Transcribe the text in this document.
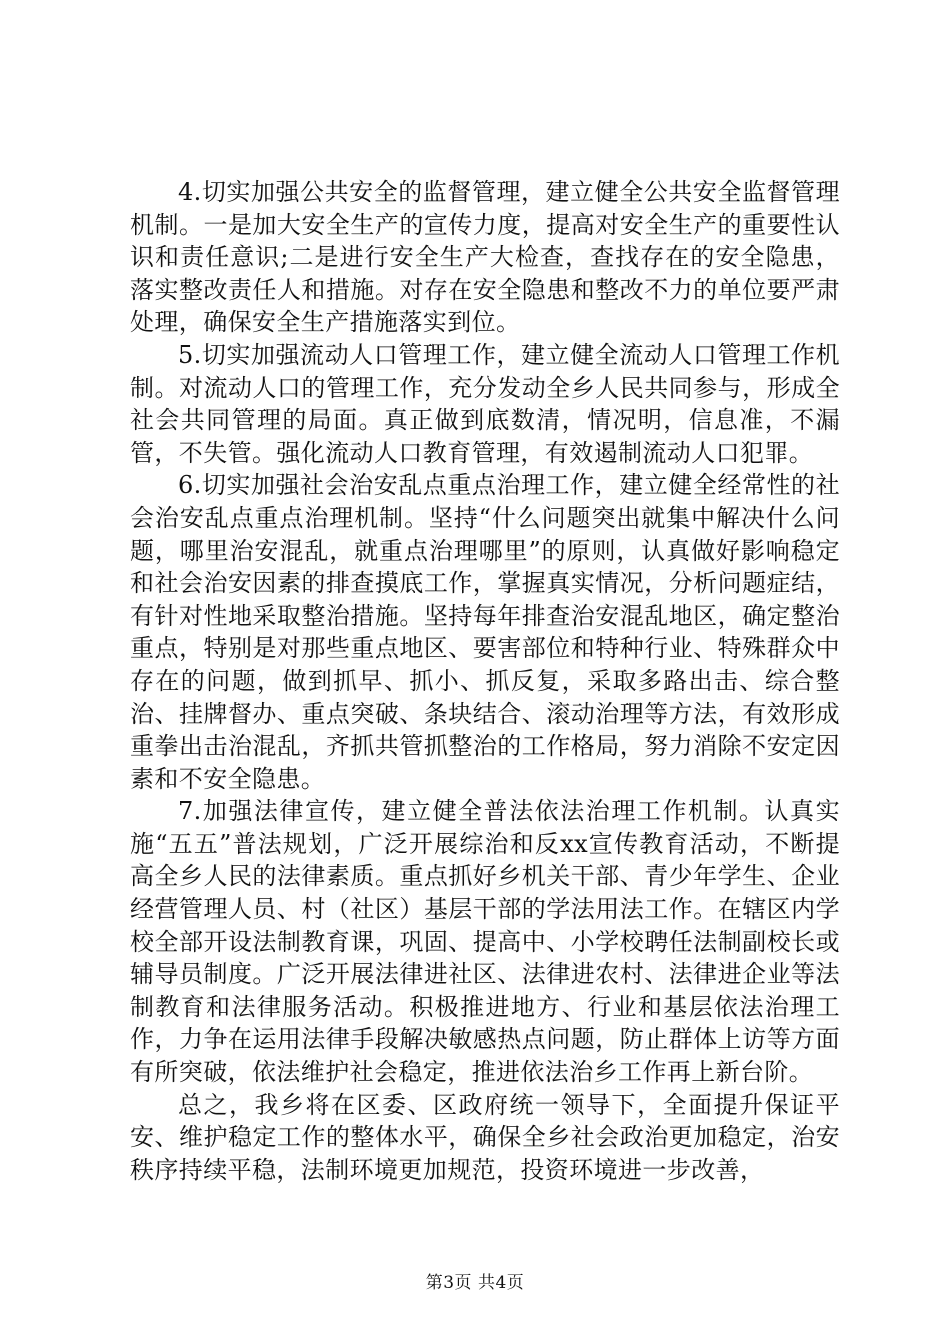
4.切实加强公共安全的监督管理，建立健全公共安全监督管理机制。一是加大安全生产的宣传力度，提高对安全生产的重要性认识和责任意识;二是进行安全生产大检查，查找存在的安全隐患，落实整改责任人和措施。对存在安全隐患和整改不力的单位要严肃处理，确保安全生产措施落实到位。

5.切实加强流动人口管理工作，建立健全流动人口管理工作机制。对流动人口的管理工作，充分发动全乡人民共同参与，形成全社会共同管理的局面。真正做到底数清，情况明，信息准，不漏管，不失管。强化流动人口教育管理，有效遏制流动人口犯罪。

6.切实加强社会治安乱点重点治理工作，建立健全经常性的社会治安乱点重点治理机制。坚持“什么问题突出就集中解决什么问题，哪里治安混乱，就重点治理哪里”的原则，认真做好影响稳定和社会治安因素的排查摸底工作，掌握真实情况，分析问题症结，有针对性地采取整治措施。坚持每年排查治安混乱地区，确定整治重点，特别是对那些重点地区、要害部位和特种行业、特殊群众中存在的问题，做到抓早、抓小、抓反复，采取多路出击、综合整治、挂牌督办、重点突破、条块结合、滚动治理等方法，有效形成重拳出击治混乱，齐抓共管抓整治的工作格局，努力消除不安定因素和不安全隐患。

7.加强法律宣传，建立健全普法依法治理工作机制。认真实施“五五”普法规划，广泛开展综治和反xx宣传教育活动，不断提高全乡人民的法律素质。重点抓好乡机关干部、青少年学生、企业经营管理人员、村（社区）基层干部的学法用法工作。在辖区内学校全部开设法制教育课，巩固、提高中、小学校聘任法制副校长或辅导员制度。广泛开展法律进社区、法律进农村、法律进企业等法制教育和法律服务活动。积极推进地方、行业和基层依法治理工作，力争在运用法律手段解决敏感热点问题，防止群体上访等方面有所突破，依法维护社会稳定，推进依法治乡工作再上新台阶。

总之，我乡将在区委、区政府统一领导下，全面提升保证平安、维护稳定工作的整体水平，确保全乡社会政治更加稳定，治安秩序持续平稳，法制环境更加规范，投资环境进一步改善，

第3页 共4页
